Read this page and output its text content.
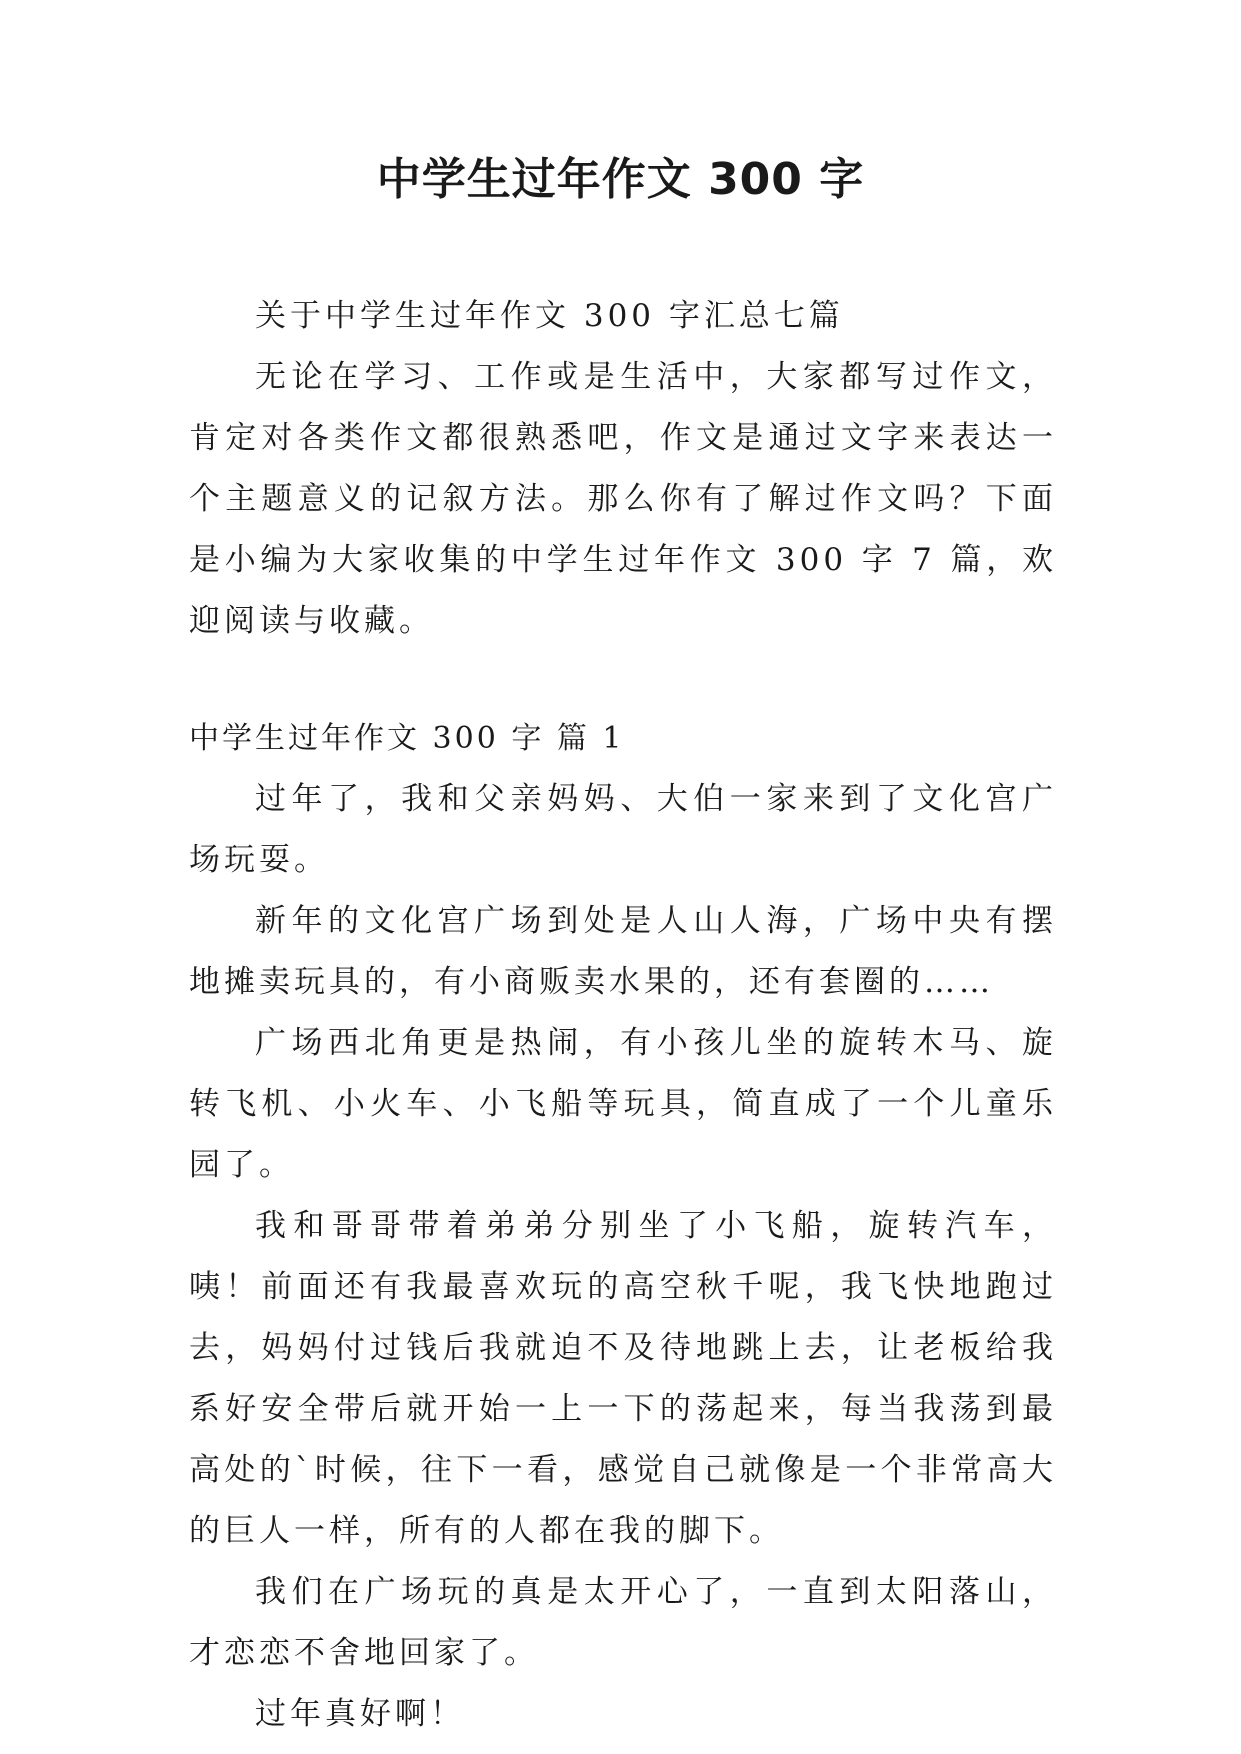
中学生过年作文 300 字

关于中学生过年作文 300 字汇总七篇

无论在学习、工作或是生活中，大家都写过作文，肯定对各类作文都很熟悉吧，作文是通过文字来表达一个主题意义的记叙方法。那么你有了解过作文吗？下面是小编为大家收集的中学生过年作文 300 字 7 篇，欢迎阅读与收藏。

中学生过年作文 300 字 篇 1

过年了，我和父亲妈妈、大伯一家来到了文化宫广场玩耍。

新年的文化宫广场到处是人山人海，广场中央有摆地摊卖玩具的，有小商贩卖水果的，还有套圈的……

广场西北角更是热闹，有小孩儿坐的旋转木马、旋转飞机、小火车、小飞船等玩具，简直成了一个儿童乐园了。

我和哥哥带着弟弟分别坐了小飞船，旋转汽车，咦！前面还有我最喜欢玩的高空秋千呢，我飞快地跑过去，妈妈付过钱后我就迫不及待地跳上去，让老板给我系好安全带后就开始一上一下的荡起来，每当我荡到最高处的`时候，往下一看，感觉自己就像是一个非常高大的巨人一样，所有的人都在我的脚下。

我们在广场玩的真是太开心了，一直到太阳落山，才恋恋不舍地回家了。

过年真好啊！
